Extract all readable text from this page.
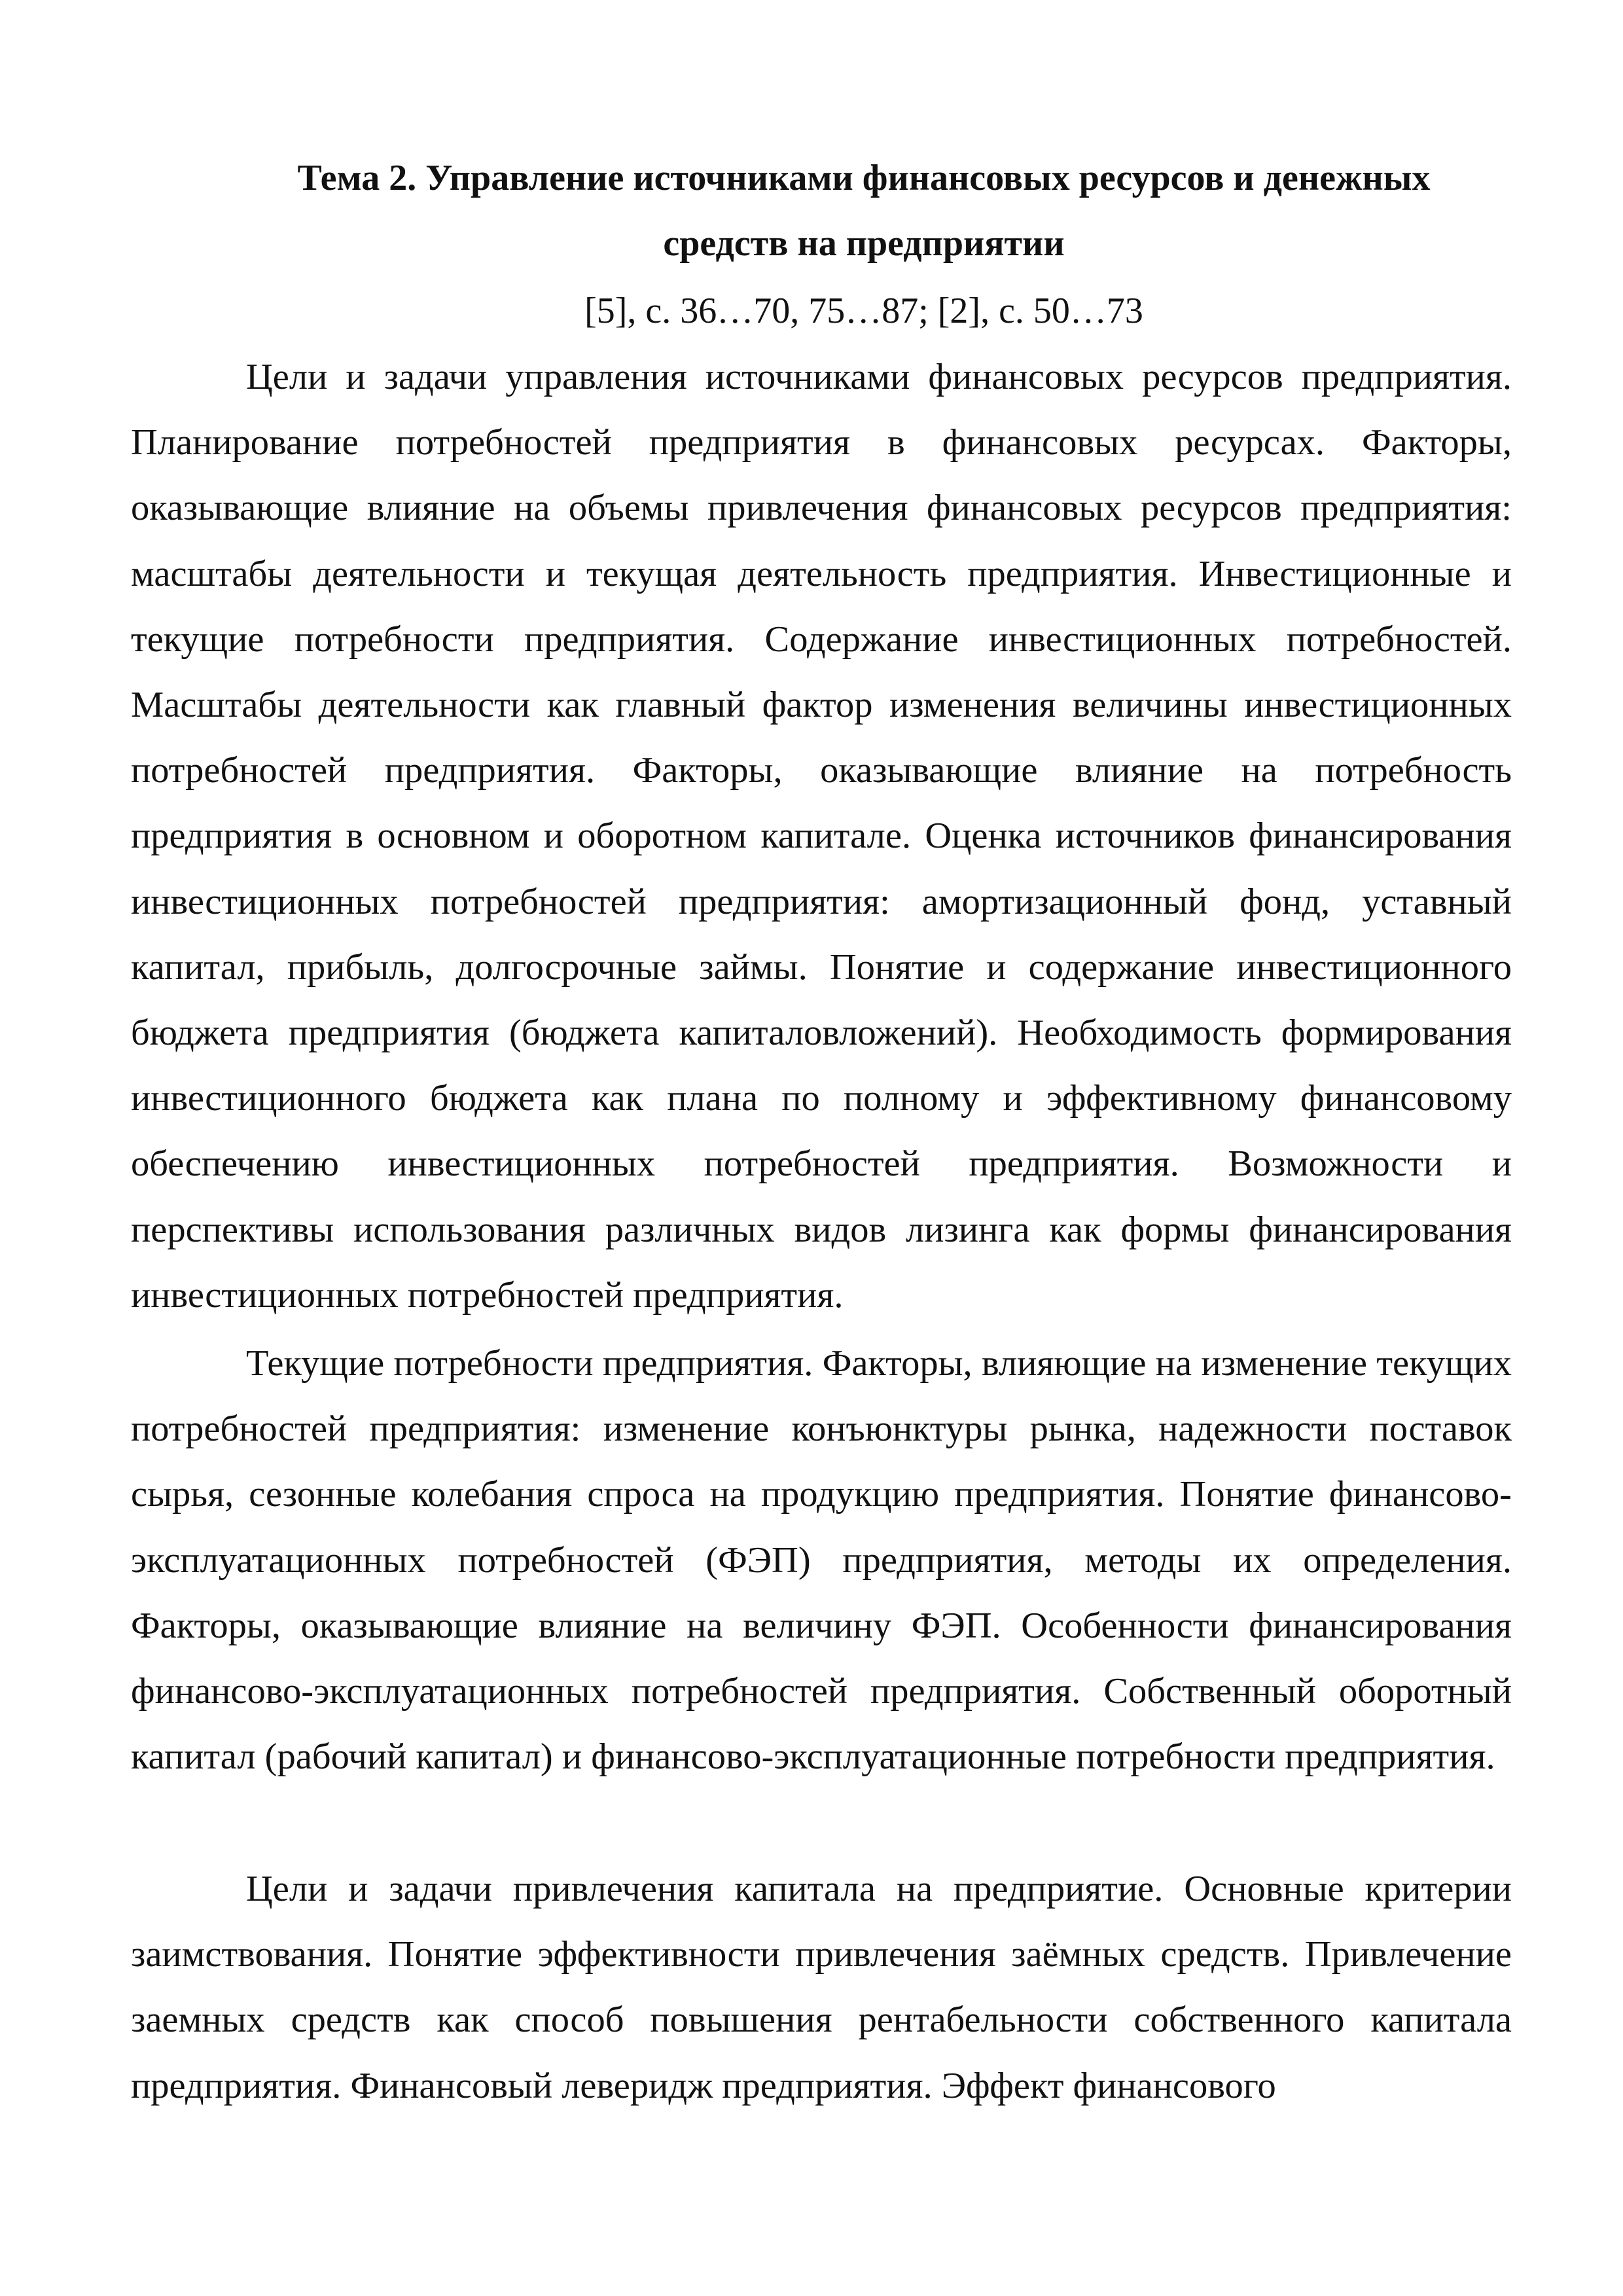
Тема 2. Управление источниками финансовых ресурсов и денежных
средств на предприятии
[5], с. 36…70, 75…87; [2], с. 50…73

Цели и задачи управления источниками финансовых ресурсов предприятия. Планирование потребностей предприятия в финансовых ресурсах. Факторы, оказывающие влияние на объемы привлечения финансовых ресурсов предприятия: масштабы деятельности и текущая деятельность предприятия. Инвестиционные и текущие потребности предприятия. Содержание инвестиционных потребностей. Масштабы деятельности как главный фактор изменения величины инвестиционных потребностей предприятия. Факторы, оказывающие влияние на потребность предприятия в основном и оборотном капитале. Оценка источников финансирования инвестиционных потребностей предприятия: амортизационный фонд, уставный капитал, прибыль, долгосрочные займы. Понятие и содержание инвестиционного бюджета предприятия (бюджета капиталовложений). Необходимость формирования инвестиционного бюджета как плана по полному и эффективному финансовому обеспечению инвестиционных потребностей предприятия. Возможности и перспективы использования различных видов лизинга как формы финансирования инвестиционных потребностей предприятия.

Текущие потребности предприятия. Факторы, влияющие на изменение текущих потребностей предприятия: изменение конъюнктуры рынка, надежности поставок сырья, сезонные колебания спроса на продукцию предприятия. Понятие финансово-эксплуатационных потребностей (ФЭП) предприятия, методы их определения. Факторы, оказывающие влияние на величину ФЭП. Особенности финансирования финансово-эксплуатационных потребностей предприятия. Собственный оборотный капитал (рабочий капитал) и финансово-эксплуатационные потребности предприятия.

Цели и задачи привлечения капитала на предприятие. Основные критерии заимствования. Понятие эффективности привлечения заёмных средств. Привлечение заемных средств как способ повышения рентабельности собственного капитала предприятия. Финансовый леверидж предприятия. Эффект финансового
